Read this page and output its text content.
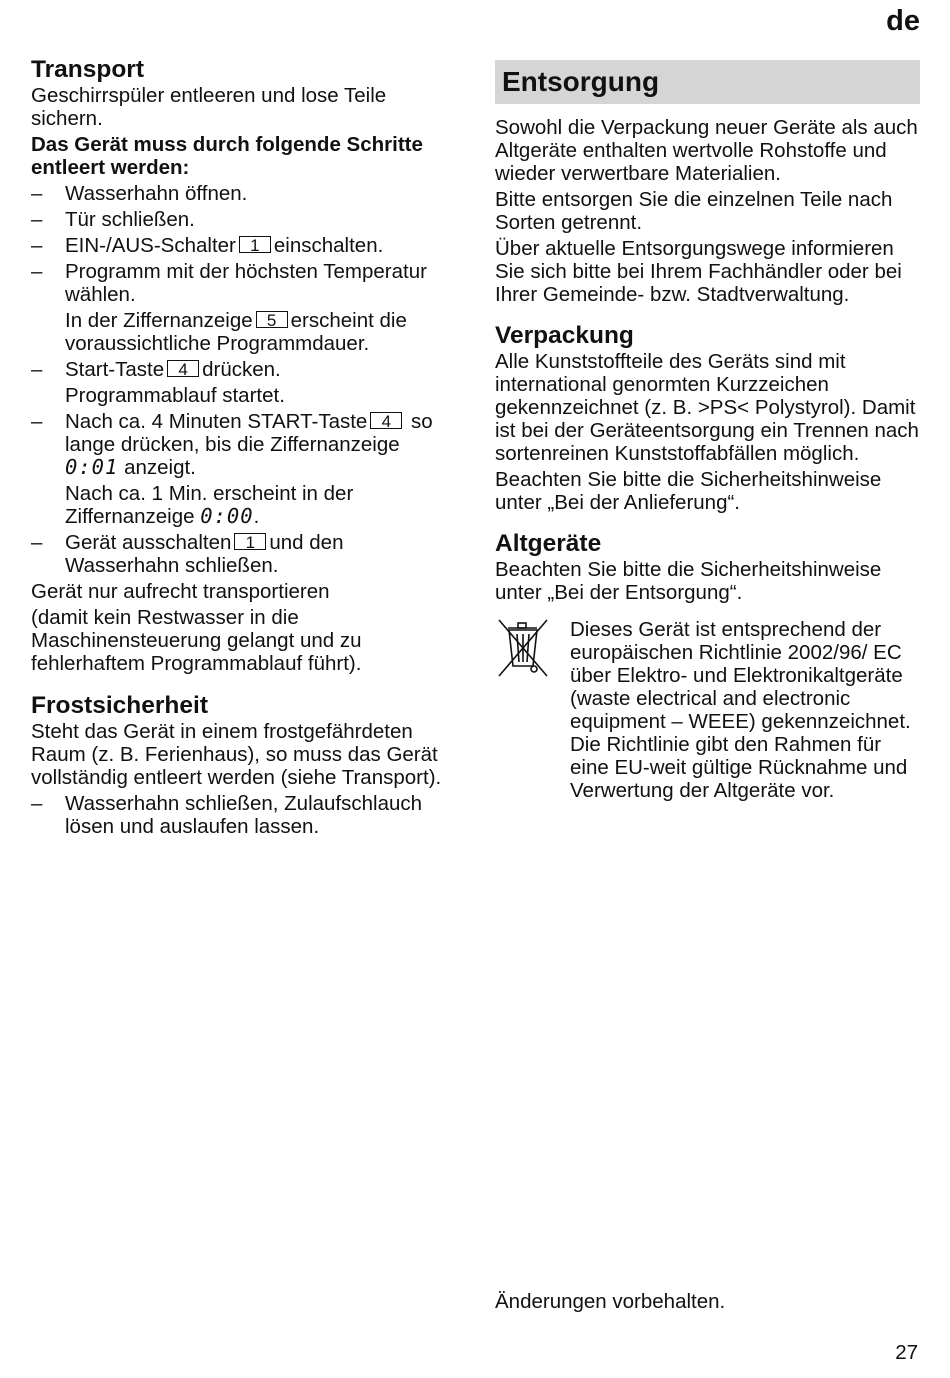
de
Transport

Geschirrspüler entleeren und lose Teile sichern.

Das Gerät muss durch folgende Schritte entleert werden:

– Wasserhahn öffnen.
– Tür schließen.
– EIN-/AUS-Schalter 1 einschalten.
– Programm mit der höchsten Temperatur wählen.

In der Ziffernanzeige 5 erscheint die voraussichtliche Programmdauer.

– Start-Taste 4 drücken.

Programmablauf startet.

– Nach ca. 4 Minuten START-Taste 4 so lange drücken, bis die Ziffernanzeige 0:01 anzeigt.

Nach ca. 1 Min. erscheint in der Ziffernanzeige 0:00.

– Gerät ausschalten 1 und den Wasserhahn schließen.

Gerät nur aufrecht transportieren

(damit kein Restwasser in die Maschinensteuerung gelangt und zu fehlerhaftem Programmablauf führt).

Frostsicherheit

Steht das Gerät in einem frostgefährdeten Raum (z. B. Ferienhaus), so muss das Gerät vollständig entleert werden (siehe Transport).

– Wasserhahn schließen, Zulaufschlauch lösen und auslaufen lassen.
Entsorgung

Sowohl die Verpackung neuer Geräte als auch Altgeräte enthalten wertvolle Rohstoffe und wieder verwertbare Materialien.

Bitte entsorgen Sie die einzelnen Teile nach Sorten getrennt.

Über aktuelle Entsorgungswege informieren Sie sich bitte bei Ihrem Fachhändler oder bei Ihrer Gemeinde- bzw. Stadtverwaltung.

Verpackung

Alle Kunststoffteile des Geräts sind mit international genormten Kurzzeichen gekennzeichnet (z. B. >PS< Polystyrol). Damit ist bei der Geräteentsorgung ein Trennen nach sortenreinen Kunststoffabfällen möglich.

Beachten Sie bitte die Sicherheitshinweise unter „Bei der Anlieferung“.

Altgeräte

Beachten Sie bitte die Sicherheitshinweise unter „Bei der Entsorgung“.

Dieses Gerät ist entsprechend der europäischen Richtlinie 2002/96/ EC über Elektro- und Elektronikaltgeräte (waste electrical and electronic equipment – WEEE) gekennzeichnet. Die Richtlinie gibt den Rahmen für eine EU-weit gültige Rücknahme und Verwertung der Altgeräte vor.
Änderungen vorbehalten.
27
